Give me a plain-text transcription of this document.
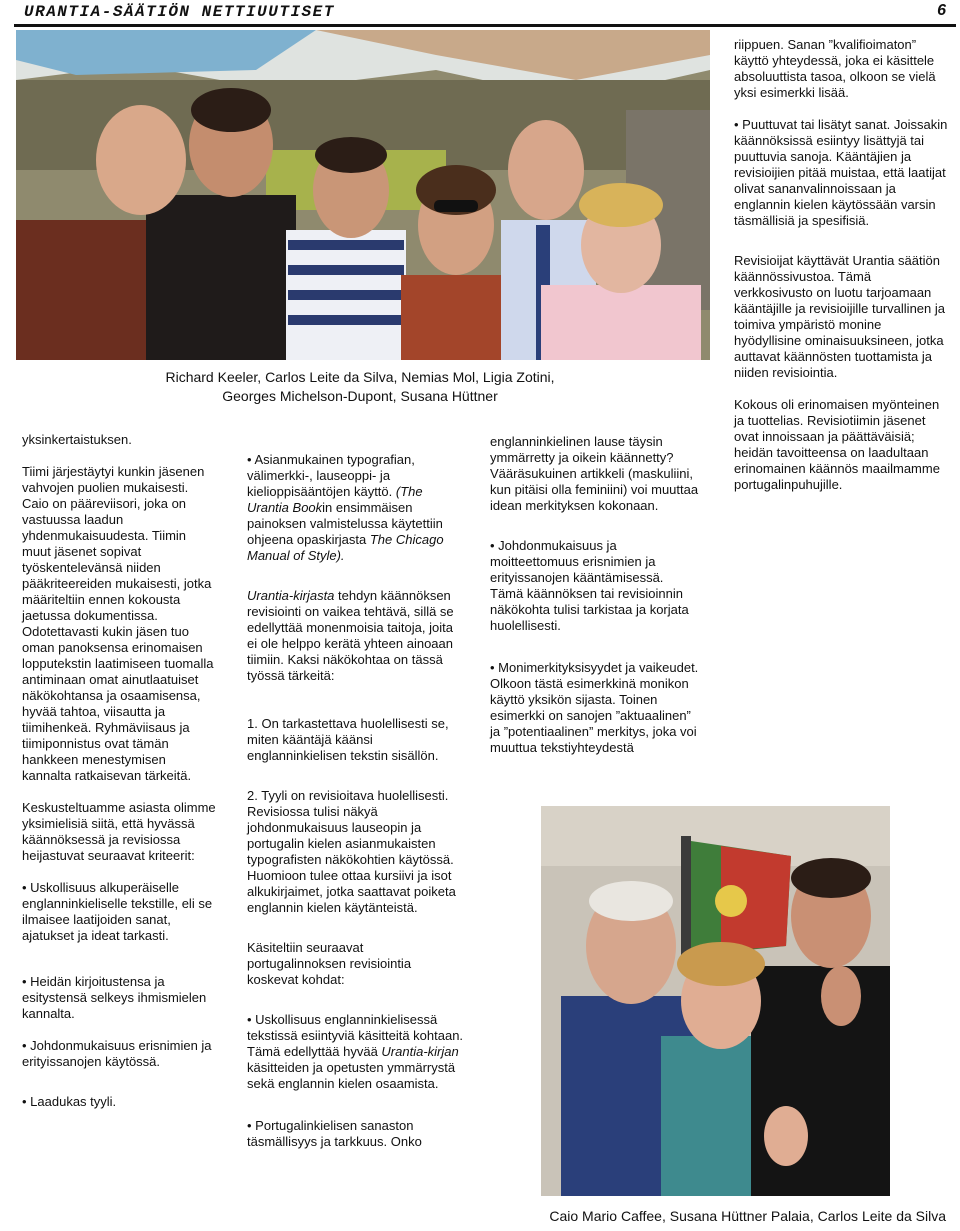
URANTIA-SÄÄTIÖN NETTIUUTISET	6
Richard Keeler, Carlos Leite da Silva, Nemias Mol, Ligia Zotini,
Georges Michelson-Dupont, Susana Hüttner

riippuen. Sanan ”kvalifioimaton” käyttö yhteydessä, joka ei käsittele absoluuttista tasoa, olkoon se vielä yksi esimerkki lisää.

• Puuttuvat tai lisätyt sanat. Joissakin käännöksissä esiintyy lisättyjä tai puuttuvia sanoja. Kääntäjien ja revisioijien pitää muistaa, että laatijat olivat sananvalinnoissaan ja englannin kielen käytössään varsin täsmällisiä ja spesifisiä.

Revisioijat käyttävät Urantia säätiön käännössivustoa. Tämä verkkosivusto on luotu tarjoamaan kääntäjille ja revisioijille turvallinen ja toimiva ympäristö monine hyödyllisine ominaisuuksineen, jotka auttavat käännösten tuottamista ja niiden revisiointia.

Kokous oli erinomaisen myönteinen ja tuottelias. Revisiotiimin jäsenet ovat innoissaan ja päättäväisiä; heidän tavoitteensa on laadultaan erinomainen käännös maailmamme portugalinpuhujille.

yksinkertaistuksen.

Tiimi järjestäytyi kunkin jäsenen vahvojen puolien mukaisesti. Caio on pääreviisori, joka on vastuussa laadun yhdenmukaisuudesta. Tiimin muut jäsenet sopivat työskentelevänsä niiden pääkriteereiden mukaisesti, jotka määriteltiin ennen kokousta jaetussa dokumentissa. Odotettavasti kukin jäsen tuo oman panoksensa erinomaisen lopputekstin laatimiseen tuomalla antiminaan omat ainutlaatuiset näkökohtansa ja osaamisensa, hyvää tahtoa, viisautta ja tiimihenkeä. Ryhmäviisaus ja tiimiponnistus ovat tämän hankkeen menestymisen kannalta ratkaisevan tärkeitä.

Keskusteltuamme asiasta olimme yksimielisiä siitä, että hyvässä käännöksessä ja revisiossa heijastuvat seuraavat kriteerit:

• Uskollisuus alkuperäiselle englanninkieliselle tekstille, eli se ilmaisee laatijoiden sanat, ajatukset ja ideat tarkasti.

• Heidän kirjoitustensa ja esitystensä selkeys ihmismielen kannalta.

• Johdonmukaisuus erisnimien ja erityissanojen käytössä.

• Laadukas tyyli.

• Asianmukainen typografian, välimerkki-, lauseoppi- ja kielioppisääntöjen käyttö. (The Urantia Bookin ensimmäisen painoksen valmistelussa käytettiin ohjeena opaskirjasta The Chicago Manual of Style).

Urantia-kirjasta tehdyn käännöksen revisiointi on vaikea tehtävä, sillä se edellyttää monenmoisia taitoja, joita ei ole helppo kerätä yhteen ainoaan tiimiin. Kaksi näkökohtaa on tässä työssä tärkeitä:

1. On tarkastettava huolellisesti se, miten kääntäjä käänsi englanninkielisen tekstin sisällön.

2. Tyyli on revisioitava huolellisesti. Revisiossa tulisi näkyä johdonmukaisuus lauseopin ja portugalin kielen asianmukaisten typografisten näkökohtien käytössä. Huomioon tulee ottaa kursiivi ja isot alkukirjaimet, jotka saattavat poiketa englannin kielen käytänteistä.

Käsiteltiin seuraavat portugalinnoksen revisiointia koskevat kohdat:

• Uskollisuus englanninkielisessä tekstissä esiintyviä käsitteitä kohtaan. Tämä edellyttää hyvää Urantia-kirjan käsitteiden ja opetusten ymmärrystä sekä englannin kielen osaamista.

• Portugalinkielisen sanaston täsmällisyys ja tarkkuus. Onko

englanninkielinen lause täysin ymmärretty ja oikein käännetty? Vääräsukuinen artikkeli (maskuliini, kun pitäisi olla feminiini) voi muuttaa idean merkityksen kokonaan.

• Johdonmukaisuus ja moitteettomuus erisnimien ja erityissanojen kääntämisessä. Tämä käännöksen tai revisioinnin näkökohta tulisi tarkistaa ja korjata huolellisesti.

• Monimerkityksisyydet ja vaikeudet. Olkoon tästä esimerkkinä monikon käyttö yksikön sijasta. Toinen esimerkki on sanojen ”aktuaalinen” ja ”potentiaalinen” merkitys, joka voi muuttua tekstiyhteydestä

Caio Mario Caffee, Susana Hüttner Palaia, Carlos Leite da Silva
